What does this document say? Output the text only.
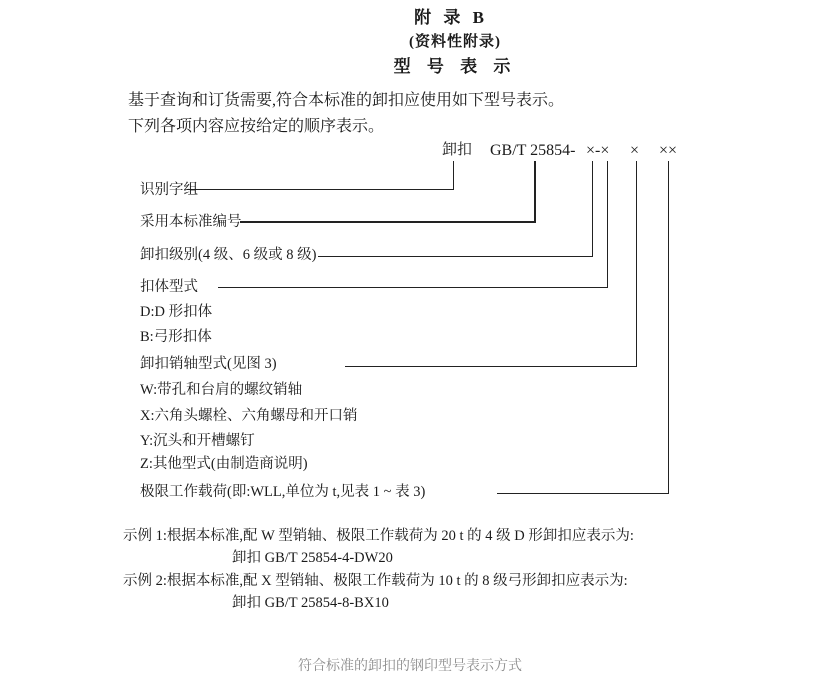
附 录 B
(资料性附录)
型 号 表 示
基于查询和订货需要,符合本标准的卸扣应使用如下型号表示。
下列各项内容应按给定的顺序表示。
卸扣 GB/T 25854- ×-× × ××
识别字组
采用本标准编号
卸扣级别(4 级、6 级或 8 级)
扣体型式
D:D 形扣体
B:弓形扣体
卸扣销轴型式(见图 3)
W:带孔和台肩的螺纹销轴
X:六角头螺栓、六角螺母和开口销
Y:沉头和开槽螺钉
Z:其他型式(由制造商说明)
极限工作载荷(即:WLL,单位为 t,见表 1 ~ 表 3)
示例 1:根据本标准,配 W 型销轴、极限工作载荷为 20 t 的 4 级 D 形卸扣应表示为:
卸扣 GB/T 25854-4-DW20
示例 2:根据本标准,配 X 型销轴、极限工作载荷为 10 t 的 8 级弓形卸扣应表示为:
卸扣 GB/T 25854-8-BX10
符合标准的卸扣的钢印型号表示方式
